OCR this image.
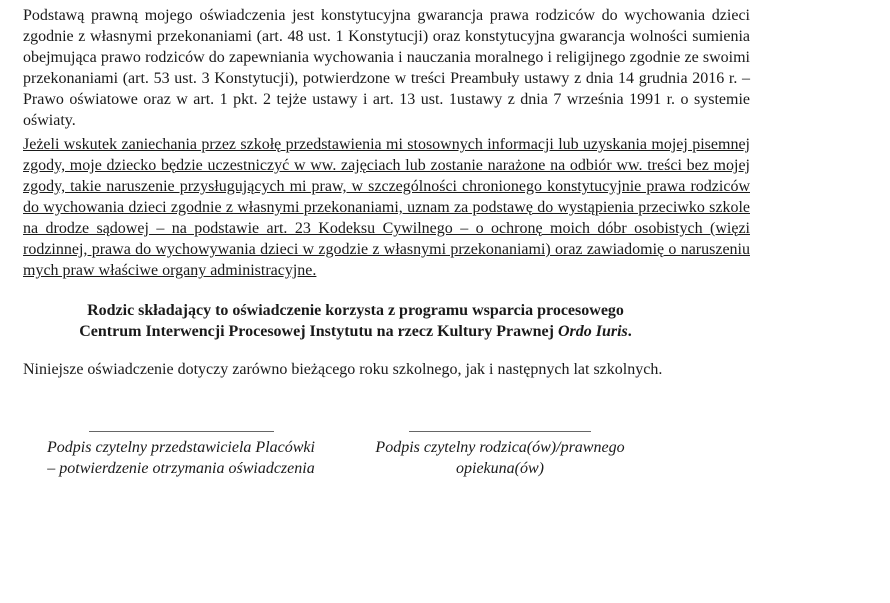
Podstawą prawną mojego oświadczenia jest konstytucyjna gwarancja prawa rodziców do wychowania dzieci zgodnie z własnymi przekonaniami (art. 48 ust. 1 Konstytucji) oraz konstytucyjna gwarancja wolności sumienia obejmująca prawo rodziców do zapewniania wychowania i nauczania moralnego i religijnego zgodnie ze swoimi przekonaniami (art. 53 ust. 3 Konstytucji), potwierdzone w treści Preambuły ustawy z dnia 14 grudnia 2016 r. – Prawo oświatowe oraz w art. 1 pkt. 2 tejże ustawy i art. 13 ust. 1ustawy z dnia 7 września 1991 r. o systemie oświaty.

Jeżeli wskutek zaniechania przez szkołę przedstawienia mi stosownych informacji lub uzyskania mojej pisemnej zgody, moje dziecko będzie uczestniczyć w ww. zajęciach lub zostanie narażone na odbiór ww. treści bez mojej zgody, takie naruszenie przysługujących mi praw, w szczególności chronionego konstytucyjnie prawa rodziców do wychowania dzieci zgodnie z własnymi przekonaniami, uznam za podstawę do wystąpienia przeciwko szkole na drodze sądowej – na podstawie art. 23 Kodeksu Cywilnego – o ochronę moich dóbr osobistych (więzi rodzinnej, prawa do wychowywania dzieci w zgodzie z własnymi przekonaniami) oraz zawiadomię o naruszeniu mych praw właściwe organy administracyjne.

Rodzic składający to oświadczenie korzysta z programu wsparcia procesowego
Centrum Interwencji Procesowej Instytutu na rzecz Kultury Prawnej Ordo Iuris.

Niniejsze oświadczenie dotyczy zarówno bieżącego roku szkolnego, jak i następnych lat szkolnych.

Podpis czytelny przedstawiciela Placówki
– potwierdzenie otrzymania oświadczenia
Podpis czytelny rodzica(ów)/prawnego
opiekuna(ów)
